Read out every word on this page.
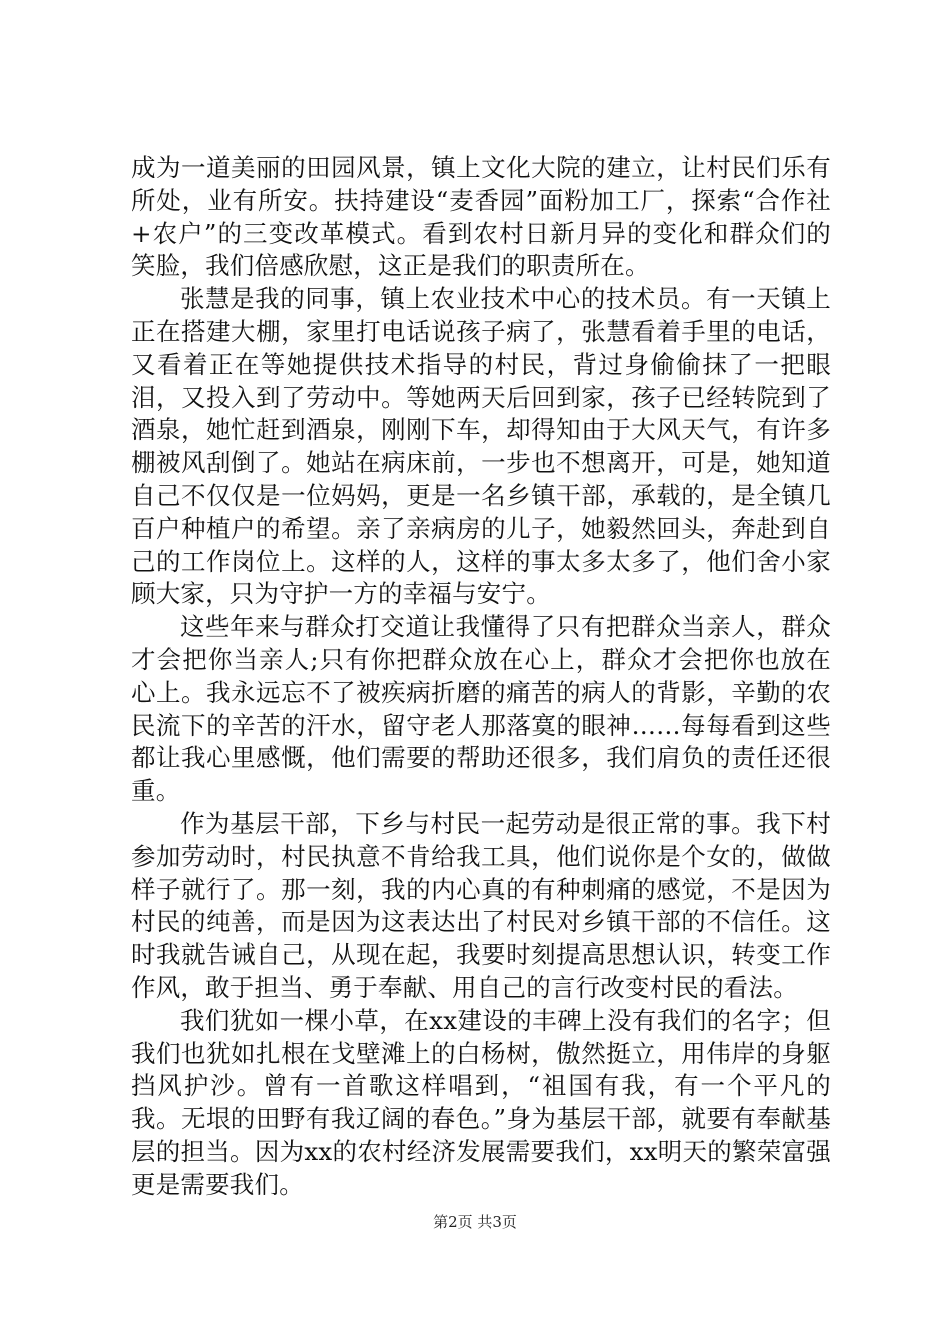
成为一道美丽的田园风景，镇上文化大院的建立，让村民们乐有所处，业有所安。扶持建设“麦香园”面粉加工厂，探索“合作社+农户”的三变改革模式。看到农村日新月异的变化和群众们的笑脸，我们倍感欣慰，这正是我们的职责所在。

张慧是我的同事，镇上农业技术中心的技术员。有一天镇上正在搭建大棚，家里打电话说孩子病了，张慧看着手里的电话，又看着正在等她提供技术指导的村民，背过身偷偷抹了一把眼泪，又投入到了劳动中。等她两天后回到家，孩子已经转院到了酒泉，她忙赶到酒泉，刚刚下车，却得知由于大风天气，有许多棚被风刮倒了。她站在病床前，一步也不想离开，可是，她知道自己不仅仅是一位妈妈，更是一名乡镇干部，承载的，是全镇几百户种植户的希望。亲了亲病房的儿子，她毅然回头，奔赴到自己的工作岗位上。这样的人，这样的事太多太多了，他们舍小家顾大家，只为守护一方的幸福与安宁。

这些年来与群众打交道让我懂得了只有把群众当亲人，群众才会把你当亲人;只有你把群众放在心上，群众才会把你也放在心上。我永远忘不了被疾病折磨的痛苦的病人的背影，辛勤的农民流下的辛苦的汗水，留守老人那落寞的眼神……每每看到这些都让我心里感慨，他们需要的帮助还很多，我们肩负的责任还很重。

作为基层干部，下乡与村民一起劳动是很正常的事。我下村参加劳动时，村民执意不肯给我工具，他们说你是个女的，做做样子就行了。那一刻，我的内心真的有种刺痛的感觉，不是因为村民的纯善，而是因为这表达出了村民对乡镇干部的不信任。这时我就告诫自己，从现在起，我要时刻提高思想认识，转变工作作风，敢于担当、勇于奉献、用自己的言行改变村民的看法。

我们犹如一棵小草，在xx建设的丰碑上没有我们的名字；但我们也犹如扎根在戈壁滩上的白杨树，傲然挺立，用伟岸的身躯挡风护沙。曾有一首歌这样唱到，“祖国有我，有一个平凡的我。无垠的田野有我辽阔的春色。”身为基层干部，就要有奉献基层的担当。因为xx的农村经济发展需要我们，xx明天的繁荣富强更是需要我们。

第2页 共3页
